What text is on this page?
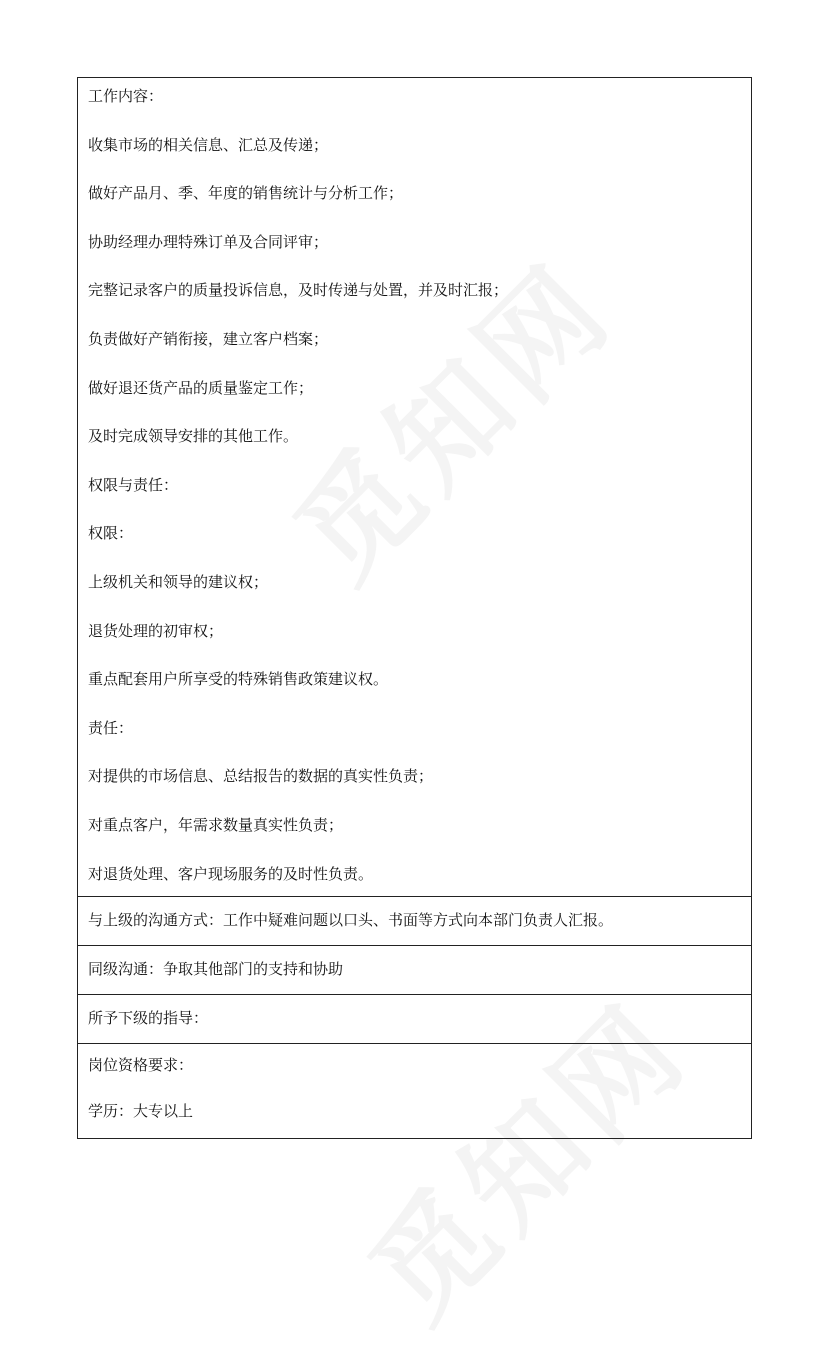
工作内容：
收集市场的相关信息、汇总及传递；
做好产品月、季、年度的销售统计与分析工作；
协助经理办理特殊订单及合同评审；
完整记录客户的质量投诉信息，及时传递与处置，并及时汇报；
负责做好产销衔接，建立客户档案；
做好退还货产品的质量鉴定工作；
及时完成领导安排的其他工作。
权限与责任：
权限：
上级机关和领导的建议权；
退货处理的初审权；
重点配套用户所享受的特殊销售政策建议权。
责任：
对提供的市场信息、总结报告的数据的真实性负责；
对重点客户，年需求数量真实性负责；
对退货处理、客户现场服务的及时性负责。

与上级的沟通方式：工作中疑难问题以口头、书面等方式向本部门负责人汇报。

同级沟通：争取其他部门的支持和协助

所予下级的指导：

岗位资格要求：
学历：大专以上
